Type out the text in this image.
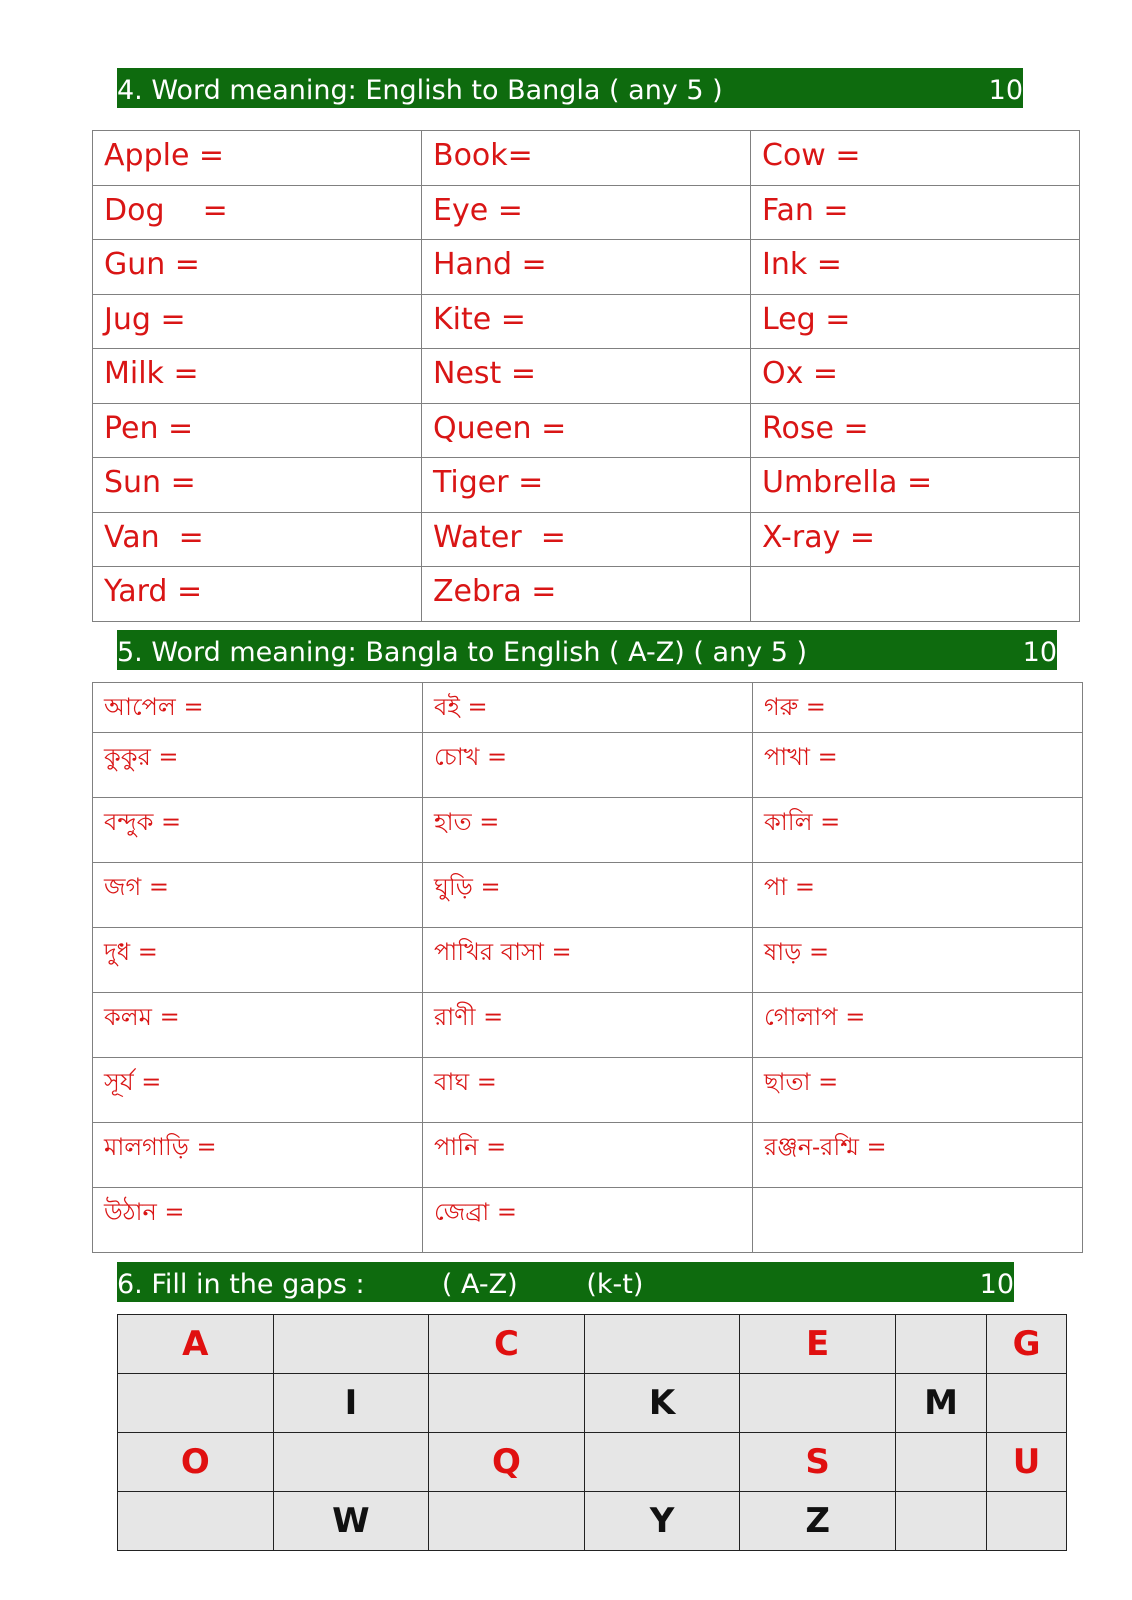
4. Word meaning: English to Bangla ( any 5 )	10
Apple =	Book=	Cow =
Dog    =	Eye =	Fan =
Gun =	Hand =	Ink =
Jug =	Kite =	Leg =
Milk =	Nest =	Ox =
Pen =	Queen =	Rose =
Sun =	Tiger =	Umbrella =
Van  =	Water  =	X-ray =
Yard =	Zebra =	
5. Word meaning: Bangla to English ( A-Z) ( any 5 )	10
আপেল =	বই =	গরু =
কুকুর =	চোখ =	পাখা =
বন্দুক =	হাত =	কালি =
জগ =	ঘুড়ি =	পা =
দুধ =	পাখির বাসা =	ষাড় =
কলম =	রাণী =	গোলাপ =
সূর্য =	বাঘ =	ছাতা =
মালগাড়ি =	পানি =	রঞ্জন-রশ্মি =
উঠান =	জেব্রা =	
6. Fill in the gaps :         ( A-Z)        (k-t)	10
A		C		E		G
	I		K		M	
O		Q		S		U
	W		Y	Z		
